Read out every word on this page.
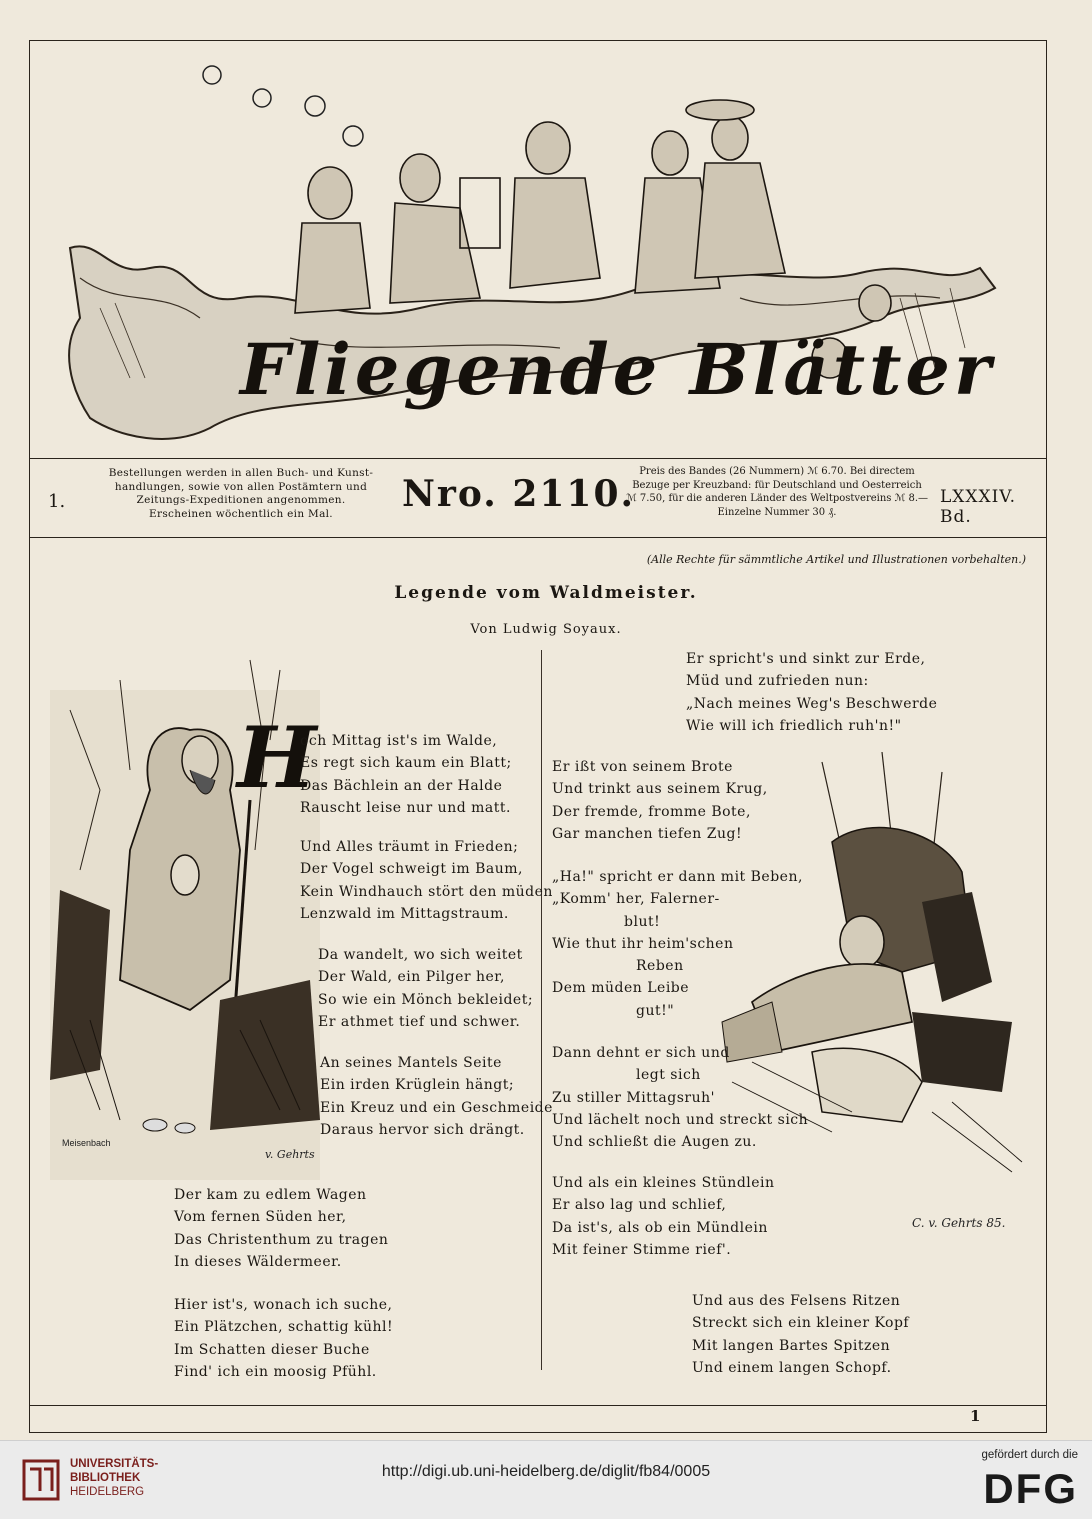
Fliegende Blätter
1.
Bestellungen werden in allen Buch- und Kunst-
handlungen, sowie von allen Postämtern und
Zeitungs-Expeditionen angenommen.
Erscheinen wöchentlich ein Mal.	Nro. 2110.
Preis des Bandes (26 Nummern) ℳ 6.70. Bei directem
Bezuge per Kreuzband: für Deutschland und Oesterreich
ℳ 7.50, für die anderen Länder des Weltpostvereins ℳ 8.—
Einzelne Nummer 30 ₰.
LXXXIV. Bd.
(Alle Rechte für sämmtliche Artikel und Illustrationen vorbehalten.)
Legende vom Waldmeister.
Von Ludwig Soyaux.
Meisenbach
v. Gehrts
H
C. v. Gehrts 85.
och Mittag ist's im Walde,
Es regt sich kaum ein Blatt;
Das Bächlein an der Halde
Rauscht leise nur und matt.
Und Alles träumt in Frieden;
Der Vogel schweigt im Baum,
Kein Windhauch stört den müden
Lenzwald im Mittagstraum.
Da wandelt, wo sich weitet
Der Wald, ein Pilger her,
So wie ein Mönch bekleidet;
Er athmet tief und schwer.
An seines Mantels Seite
Ein irden Krüglein hängt;
Ein Kreuz und ein Geschmeide
Daraus hervor sich drängt.
Der kam zu edlem Wagen
Vom fernen Süden her,
Das Christenthum zu tragen
In dieses Wäldermeer.
Hier ist's, wonach ich suche,
Ein Plätzchen, schattig kühl!
Im Schatten dieser Buche
Find' ich ein moosig Pfühl.
Er spricht's und sinkt zur Erde,
Müd und zufrieden nun:
„Nach meines Weg's Beschwerde
Wie will ich friedlich ruh'n!"
Er ißt von seinem Brote
Und trinkt aus seinem Krug,
Der fremde, fromme Bote,
Gar manchen tiefen Zug!
„Ha!" spricht er dann mit Beben,
„Komm' her, Falerner-
blut!
Wie thut ihr heim'schen
Reben
Dem müden Leibe
gut!"
Dann dehnt er sich und
legt sich
Zu stiller Mittagsruh'
Und lächelt noch und streckt sich
Und schließt die Augen zu.
Und als ein kleines Stündlein
Er also lag und schlief,
Da ist's, als ob ein Mündlein
Mit feiner Stimme rief'.
Und aus des Felsens Ritzen
Streckt sich ein kleiner Kopf
Mit langen Bartes Spitzen
Und einem langen Schopf.
1
UNIVERSITÄTS-
BIBLIOTHEK
HEIDELBERG
http://digi.ub.uni-heidelberg.de/diglit/fb84/0005
gefördert durch die
DFG
